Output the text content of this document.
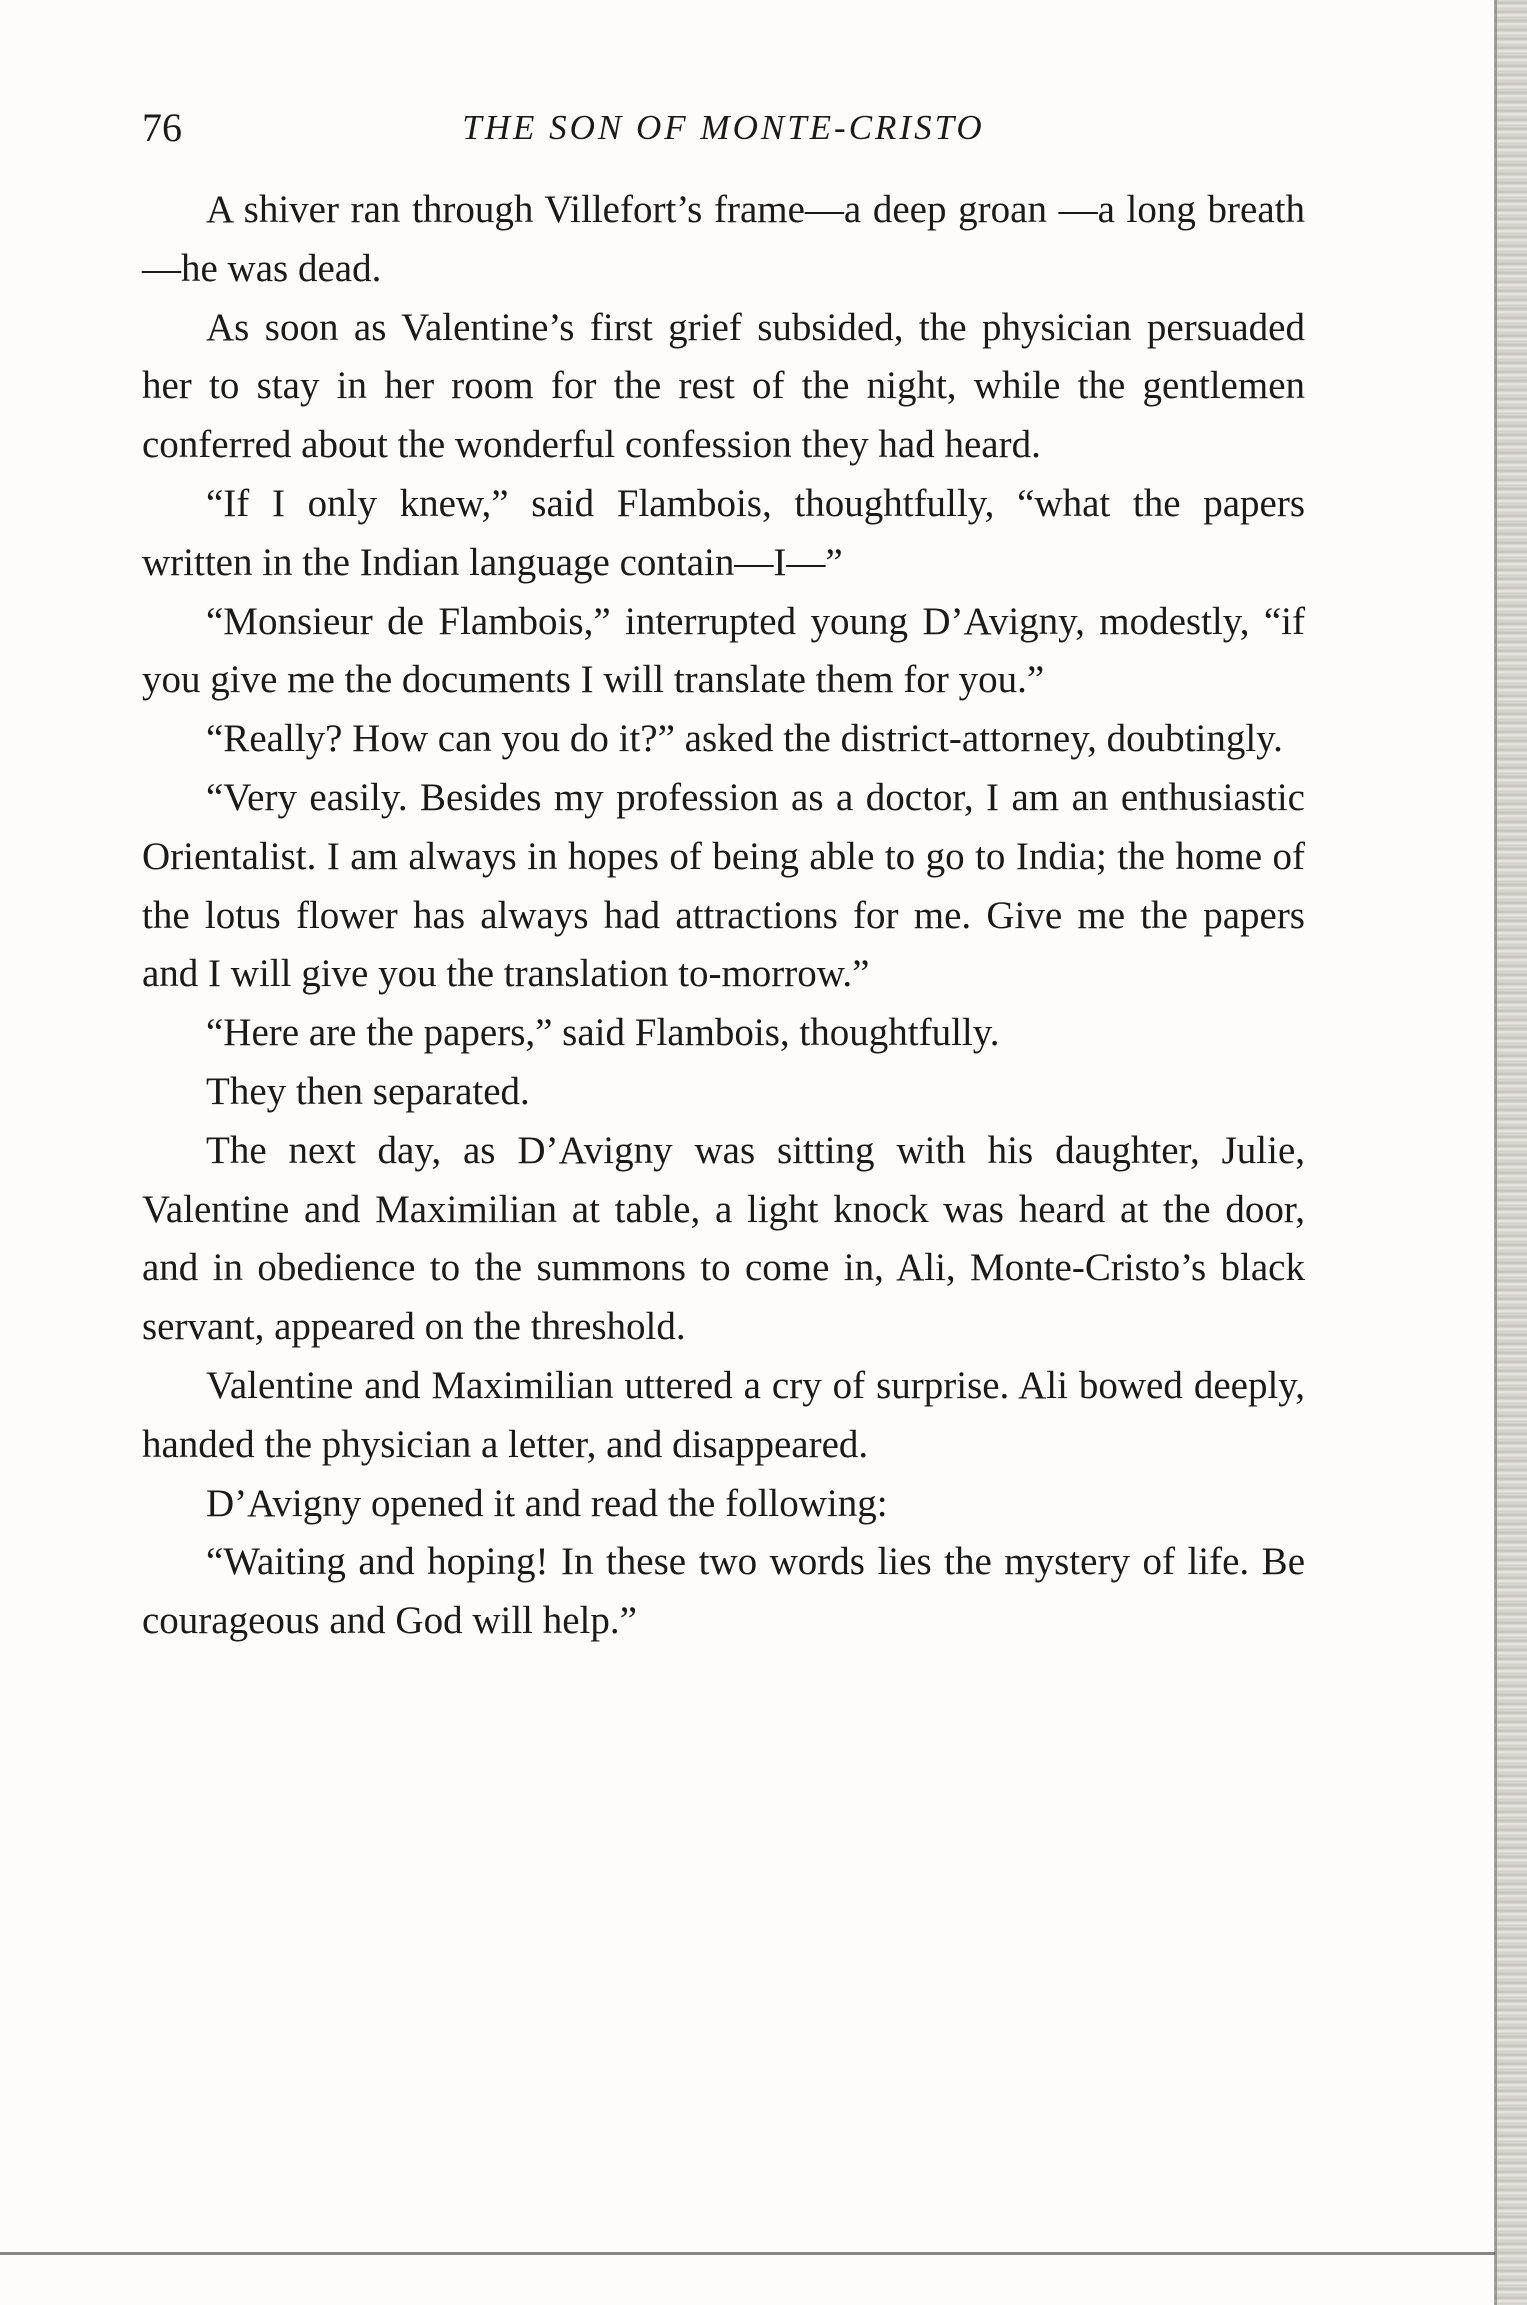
76	THE SON OF MONTE-CRISTO

A shiver ran through Villefort’s frame—a deep groan —a long breath—he was dead.

As soon as Valentine’s first grief subsided, the physician persuaded her to stay in her room for the rest of the night, while the gentlemen conferred about the wonderful confession they had heard.

“If I only knew,” said Flambois, thoughtfully, “what the papers written in the Indian language contain—I—”

“Monsieur de Flambois,” interrupted young D’Avigny, modestly, “if you give me the documents I will translate them for you.”

“Really? How can you do it?” asked the district-attorney, doubtingly.

“Very easily. Besides my profession as a doctor, I am an enthusiastic Orientalist. I am always in hopes of being able to go to India; the home of the lotus flower has always had attractions for me. Give me the papers and I will give you the translation to-morrow.”

“Here are the papers,” said Flambois, thoughtfully.

They then separated.

The next day, as D’Avigny was sitting with his daughter, Julie, Valentine and Maximilian at table, a light knock was heard at the door, and in obedience to the summons to come in, Ali, Monte-Cristo’s black servant, appeared on the threshold.

Valentine and Maximilian uttered a cry of surprise. Ali bowed deeply, handed the physician a letter, and disappeared.

D’Avigny opened it and read the following:

“Waiting and hoping! In these two words lies the mystery of life. Be courageous and God will help.”
